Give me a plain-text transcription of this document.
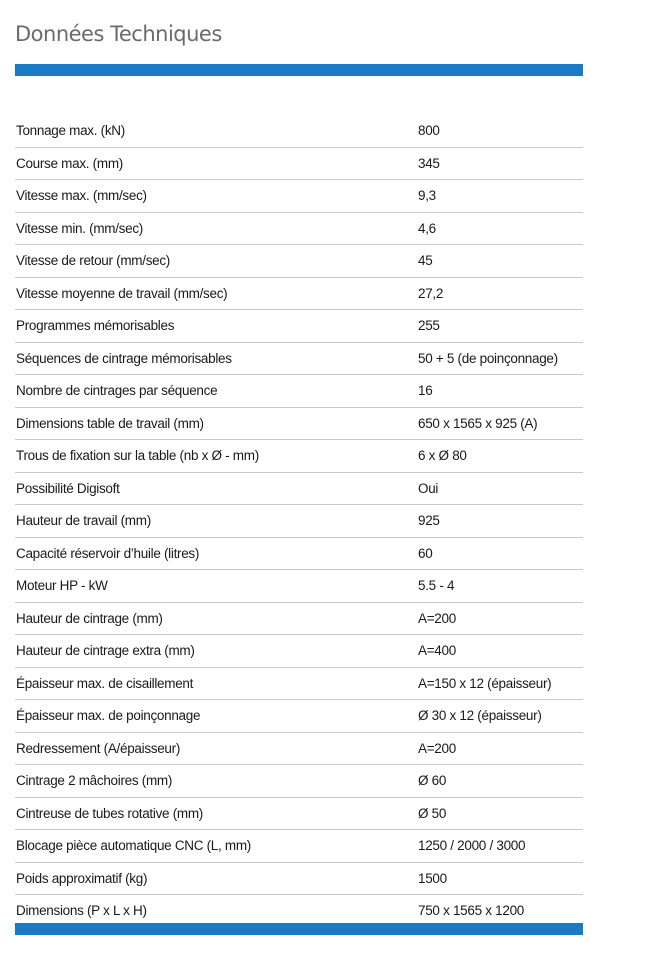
Données Techniques
Tonnage max. (kN)	800
Course max. (mm)	345
Vitesse max. (mm/sec)	9,3
Vitesse min. (mm/sec)	4,6
Vitesse de retour (mm/sec)	45
Vitesse moyenne de travail (mm/sec)	27,2
Programmes mémorisables	255
Séquences de cintrage mémorisables	50 + 5 (de poinçonnage)
Nombre de cintrages par séquence	16
Dimensions table de travail (mm)	650 x 1565 x 925 (A)
Trous de fixation sur la table (nb x Ø - mm)	6 x Ø 80
Possibilité Digisoft	Oui
Hauteur de travail (mm)	925
Capacité réservoir d’huile (litres)	60
Moteur HP - kW	5.5 - 4
Hauteur de cintrage (mm)	A=200
Hauteur de cintrage extra (mm)	A=400
Épaisseur max. de cisaillement	A=150 x 12 (épaisseur)
Épaisseur max. de poinçonnage	Ø 30 x 12 (épaisseur)
Redressement (A/épaisseur)	A=200
Cintrage 2 mâchoires (mm)	Ø 60
Cintreuse de tubes rotative (mm)	Ø 50
Blocage pièce automatique CNC (L, mm)	1250 / 2000 / 3000
Poids approximatif (kg)	1500
Dimensions (P x L x H)	750 x 1565 x 1200
